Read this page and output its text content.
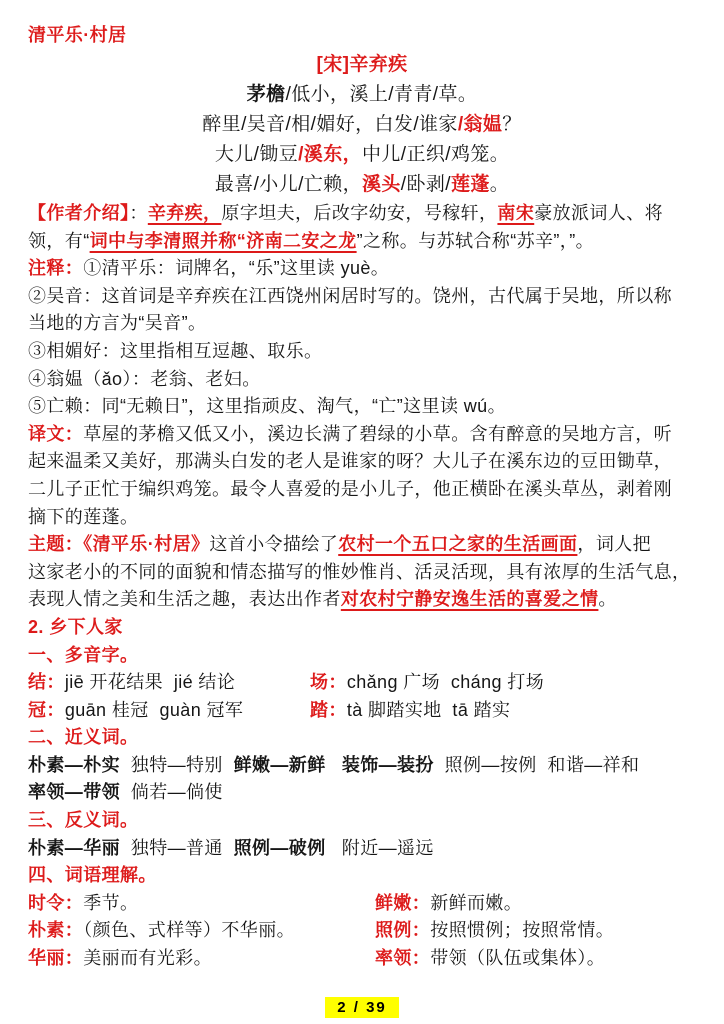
清平乐·村居
[宋]辛弃疾
茅檐/低小，溪上/青青/草。
醉里/吴音/相/媚好，白发/谁家/翁媪？
大儿/锄豆/溪东，中儿/正织/鸡笼。
最喜/小儿/亡赖，溪头/卧剥/莲蓬。
【作者介绍】：辛弃疾，原字坦夫，后改字幼安，号稼轩，南宋豪放派词人、将
领，有“词中与李清照并称“济南二安之龙”之称。与苏轼合称“苏辛”，”。
注释：①清平乐：词牌名，“乐”这里读 yuè。
②吴音：这首词是辛弃疾在江西饶州闲居时写的。饶州，古代属于吴地，所以称
当地的方言为“吴音”。
③相媚好：这里指相互逗趣、取乐。
④翁媪（ǎo）：老翁、老妇。
⑤亡赖：同“无赖日”，这里指顽皮、淘气，“亡”这里读 wú。
译文：草屋的茅檐又低又小，溪边长满了碧绿的小草。含有醉意的吴地方言，听
起来温柔又美好，那满头白发的老人是谁家的呀？大儿子在溪东边的豆田锄草，
二儿子正忙于编织鸡笼。最令人喜爱的是小儿子，他正横卧在溪头草丛，剥着刚
摘下的莲蓬。
主题：《清平乐·村居》这首小令描绘了农村一个五口之家的生活画面，词人把
这家老小的不同的面貌和情态描写的惟妙惟肖、活灵活现，具有浓厚的生活气息，
表现人情之美和生活之趣，表达出作者对农村宁静安逸生活的喜爱之情。
2. 乡下人家
一、多音字。
结：jiē 开花结果  jié 结论	场：chǎng 广场  cháng 打场
冠：guān 桂冠  guàn 冠军	踏：tà 脚踏实地  tā 踏实
二、近义词。
朴素—朴实  独特—特别  鲜嫩—新鲜 装饰—装扮  照例—按例  和谐—祥和
率领—带领  倘若—倘使
三、反义词。
朴素—华丽  独特—普通  照例—破例   附近—遥远
四、词语理解。
时令：季节。	鲜嫩：新鲜而嫩。
朴素：（颜色、式样等）不华丽。	照例：按照惯例；按照常情。
华丽：美丽而有光彩。	率领：带领（队伍或集体）。
2 / 39
